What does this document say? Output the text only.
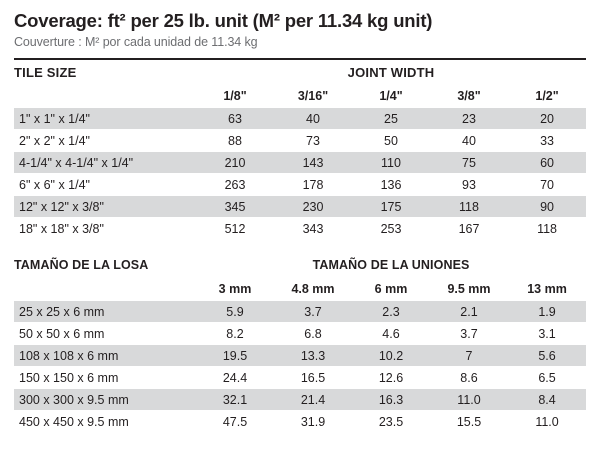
Coverage: ft² per 25 lb. unit (M² per 11.34 kg unit)
Couverture : M² por cada unidad de 11.34 kg
TILE SIZE	JOINT WIDTH				
	1/8"	3/16"	1/4"	3/8"	1/2"
1" x 1" x 1/4"	63	40	25	23	20
2" x 2" x 1/4"	88	73	50	40	33
4-1/4" x 4-1/4" x 1/4"	210	143	110	75	60
6" x 6" x 1/4"	263	178	136	93	70
12" x 12" x 3/8"	345	230	175	118	90
18" x 18" x 3/8"	512	343	253	167	118
TAMAÑO DE LA LOSA	TAMAÑO DE LA UNIONES				
	3 mm	4.8 mm	6 mm	9.5 mm	13 mm
25 x 25 x 6 mm	5.9	3.7	2.3	2.1	1.9
50 x 50 x 6 mm	8.2	6.8	4.6	3.7	3.1
108 x 108 x 6 mm	19.5	13.3	10.2	7	5.6
150 x 150 x 6 mm	24.4	16.5	12.6	8.6	6.5
300 x 300 x 9.5 mm	32.1	21.4	16.3	11.0	8.4
450 x 450 x 9.5 mm	47.5	31.9	23.5	15.5	11.0
